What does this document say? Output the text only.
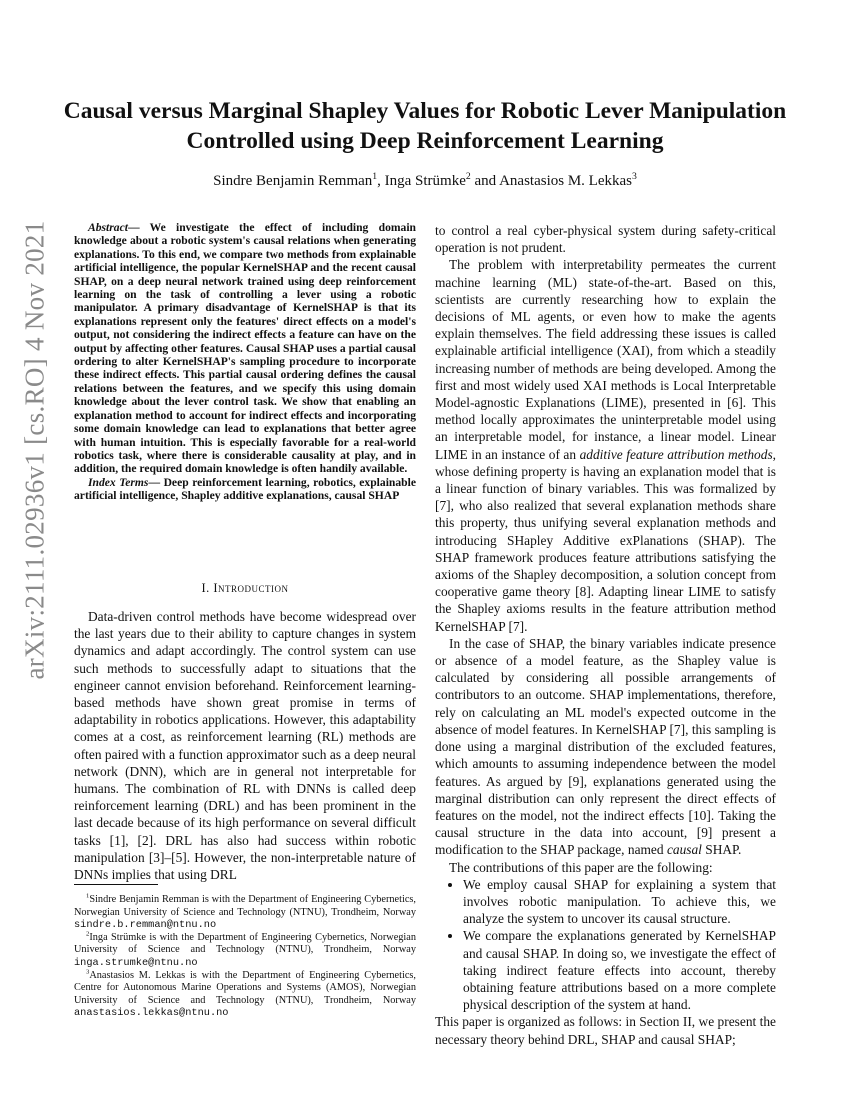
arXiv:2111.02936v1 [cs.RO] 4 Nov 2021
Causal versus Marginal Shapley Values for Robotic Lever Manipulation
Controlled using Deep Reinforcement Learning
Sindre Benjamin Remman$^1$, Inga Strümke$^2$ and Anastasios M. Lekkas$^3$

Abstract— We investigate the effect of including domain knowledge about a robotic system's causal relations when generating explanations. To this end, we compare two methods from explainable artificial intelligence, the popular KernelSHAP and the recent causal SHAP, on a deep neural network trained using deep reinforcement learning on the task of controlling a lever using a robotic manipulator. A primary disadvantage of KernelSHAP is that its explanations represent only the features' direct effects on a model's output, not considering the indirect effects a feature can have on the output by affecting other features. Causal SHAP uses a partial causal ordering to alter KernelSHAP's sampling procedure to incorporate these indirect effects. This partial causal ordering defines the causal relations between the features, and we specify this using domain knowledge about the lever control task. We show that enabling an explanation method to account for indirect effects and incorporating some domain knowledge can lead to explanations that better agree with human intuition. This is especially favorable for a real-world robotics task, where there is considerable causality at play, and in addition, the required domain knowledge is often handily available.

Index Terms— Deep reinforcement learning, robotics, explainable artificial intelligence, Shapley additive explanations, causal SHAP

I. Introduction

Data-driven control methods have become widespread over the last years due to their ability to capture changes in system dynamics and adapt accordingly. The control system can use such methods to successfully adapt to situations that the engineer cannot envision beforehand. Reinforcement learning-based methods have shown great promise in terms of adaptability in robotics applications. However, this adaptability comes at a cost, as reinforcement learning (RL) methods are often paired with a function approximator such as a deep neural network (DNN), which are in general not interpretable for humans. The combination of RL with DNNs is called deep reinforcement learning (DRL) and has been prominent in the last decade because of its high performance on several difficult tasks [1], [2]. DRL has also had success within robotic manipulation [3]–[5]. However, the non-interpretable nature of DNNs implies that using DRL

$^1$Sindre Benjamin Remman is with the Department of Engineering Cybernetics, Norwegian University of Science and Technology (NTNU), Trondheim, Norway sindre.b.remman@ntnu.no

$^2$Inga Strümke is with the Department of Engineering Cybernetics, Norwegian University of Science and Technology (NTNU), Trondheim, Norway inga.strumke@ntnu.no

$^3$Anastasios M. Lekkas is with the Department of Engineering Cybernetics, Centre for Autonomous Marine Operations and Systems (AMOS), Norwegian University of Science and Technology (NTNU), Trondheim, Norway anastasios.lekkas@ntnu.no

to control a real cyber-physical system during safety-critical operation is not prudent.

The problem with interpretability permeates the current machine learning (ML) state-of-the-art. Based on this, scientists are currently researching how to explain the decisions of ML agents, or even how to make the agents explain themselves. The field addressing these issues is called explainable artificial intelligence (XAI), from which a steadily increasing number of methods are being developed. Among the first and most widely used XAI methods is Local Interpretable Model-agnostic Explanations (LIME), presented in [6]. This method locally approximates the uninterpretable model using an interpretable model, for instance, a linear model. Linear LIME in an instance of an additive feature attribution methods, whose defining property is having an explanation model that is a linear function of binary variables. This was formalized by [7], who also realized that several explanation methods share this property, thus unifying several explanation methods and introducing SHapley Additive exPlanations (SHAP). The SHAP framework produces feature attributions satisfying the axioms of the Shapley decomposition, a solution concept from cooperative game theory [8]. Adapting linear LIME to satisfy the Shapley axioms results in the feature attribution method KernelSHAP [7].

In the case of SHAP, the binary variables indicate presence or absence of a model feature, as the Shapley value is calculated by considering all possible arrangements of contributors to an outcome. SHAP implementations, therefore, rely on calculating an ML model's expected outcome in the absence of model features. In KernelSHAP [7], this sampling is done using a marginal distribution of the excluded features, which amounts to assuming independence between the model features. As argued by [9], explanations generated using the marginal distribution can only represent the direct effects of features on the model, not the indirect effects [10]. Taking the causal structure in the data into account, [9] present a modification to the SHAP package, named causal SHAP.

The contributions of this paper are the following:

• We employ causal SHAP for explaining a system that involves robotic manipulation. To achieve this, we analyze the system to uncover its causal structure.
• We compare the explanations generated by KernelSHAP and causal SHAP. In doing so, we investigate the effect of taking indirect feature effects into account, thereby obtaining feature attributions based on a more complete physical description of the system at hand.

This paper is organized as follows: in Section II, we present the necessary theory behind DRL, SHAP and causal SHAP;
